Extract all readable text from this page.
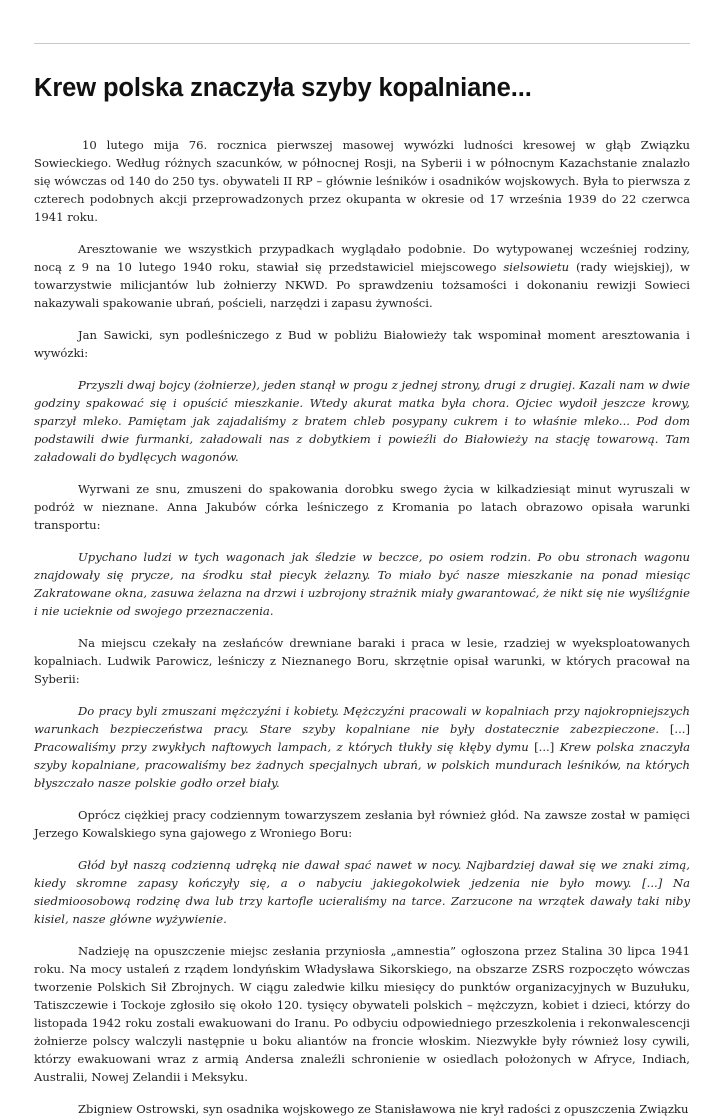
Krew polska znaczyła szyby kopalniane...

10 lutego mija 76. rocznica pierwszej masowej wywózki ludności kresowej w głąb Związku Sowieckiego. Według różnych szacunków, w północnej Rosji, na Syberii i w północnym Kazachstanie znalazło się wówczas od 140 do 250 tys. obywateli II RP – głównie leśników i osadników wojskowych. Była to pierwsza z czterech podobnych akcji przeprowadzonych przez okupanta w okresie od 17 września 1939 do 22 czerwca 1941 roku.

Aresztowanie we wszystkich przypadkach wyglądało podobnie. Do wytypowanej wcześniej rodziny, nocą z 9 na 10 lutego 1940 roku, stawiał się przedstawiciel miejscowego sielsowietu (rady wiejskiej), w towarzystwie milicjantów lub żołnierzy NKWD. Po sprawdzeniu tożsamości i dokonaniu rewizji Sowieci nakazywali spakowanie ubrań, pościeli, narzędzi i zapasu żywności.

Jan Sawicki, syn podleśniczego z Bud w pobliżu Białowieży tak wspominał moment aresztowania i wywózki:

Przyszli dwaj bojcy (żołnierze), jeden stanął w progu z jednej strony, drugi z drugiej. Kazali nam w dwie godziny spakować się i opuścić mieszkanie. Wtedy akurat matka była chora. Ojciec wydoił jeszcze krowy, sparzył mleko. Pamiętam jak zajadaliśmy z bratem chleb posypany cukrem i to właśnie mleko... Pod dom podstawili dwie furmanki, załadowali nas z dobytkiem i powieźli do Białowieży na stację towarową. Tam załadowali do bydlęcych wagonów.

Wyrwani ze snu, zmuszeni do spakowania dorobku swego życia w kilkadziesiąt minut wyruszali w podróż w nieznane. Anna Jakubów córka leśniczego z Kromania po latach obrazowo opisała warunki transportu:

Upychano ludzi w tych wagonach jak śledzie w beczce, po osiem rodzin. Po obu stronach wagonu znajdowały się prycze, na środku stał piecyk żelazny. To miało być nasze mieszkanie na ponad miesiąc Zakratowane okna, zasuwa żelazna na drzwi i uzbrojony strażnik miały gwarantować, że nikt się nie wyśliźgnie i nie ucieknie od swojego przeznaczenia.

Na miejscu czekały na zesłańców drewniane baraki i praca w lesie, rzadziej w wyeksploatowanych kopalniach. Ludwik Parowicz, leśniczy z Nieznanego Boru, skrzętnie opisał warunki, w których pracował na Syberii:

Do pracy byli zmuszani mężczyźni i kobiety. Mężczyźni pracowali w kopalniach przy najokropniejszych warunkach bezpieczeństwa pracy. Stare szyby kopalniane nie były dostatecznie zabezpieczone. [...] Pracowaliśmy przy zwykłych naftowych lampach, z których tłukły się kłęby dymu [...] Krew polska znaczyła szyby kopalniane, pracowaliśmy bez żadnych specjalnych ubrań, w polskich mundurach leśników, na których błyszczało nasze polskie godło orzeł biały.

Oprócz ciężkiej pracy codziennym towarzyszem zesłania był również głód. Na zawsze został w pamięci Jerzego Kowalskiego syna gajowego z Wroniego Boru:

Głód był naszą codzienną udręką nie dawał spać nawet w nocy. Najbardziej dawał się we znaki zimą, kiedy skromne zapasy kończyły się, a o nabyciu jakiegokolwiek jedzenia nie było mowy. [...] Na siedmioosobową rodzinę dwa lub trzy kartofle ucieraliśmy na tarce. Zarzucone na wrzątek dawały taki niby kisiel, nasze główne wyżywienie.

Nadzieję na opuszczenie miejsc zesłania przyniosła „amnestia” ogłoszona przez Stalina 30 lipca 1941 roku. Na mocy ustaleń z rządem londyńskim Władysława Sikorskiego, na obszarze ZSRS rozpoczęto wówczas tworzenie Polskich Sił Zbrojnych. W ciągu zaledwie kilku miesięcy do punktów organizacyjnych w Buzułuku, Tatiszczewie i Tockoje zgłosiło się około 120. tysięcy obywateli polskich – mężczyzn, kobiet i dzieci, którzy do listopada 1942 roku zostali ewakuowani do Iranu. Po odbyciu odpowiedniego przeszkolenia i rekonwalescencji żołnierze polscy walczyli następnie u boku aliantów na froncie włoskim. Niezwykłe były również losy cywili, którzy ewakuowani wraz z armią Andersa znaleźli schronienie w osiedlach położonych w Afryce, Indiach, Australii, Nowej Zelandii i Meksyku.

Zbigniew Ostrowski, syn osadnika wojskowego ze Stanisławowa nie krył radości z opuszczenia Związku
